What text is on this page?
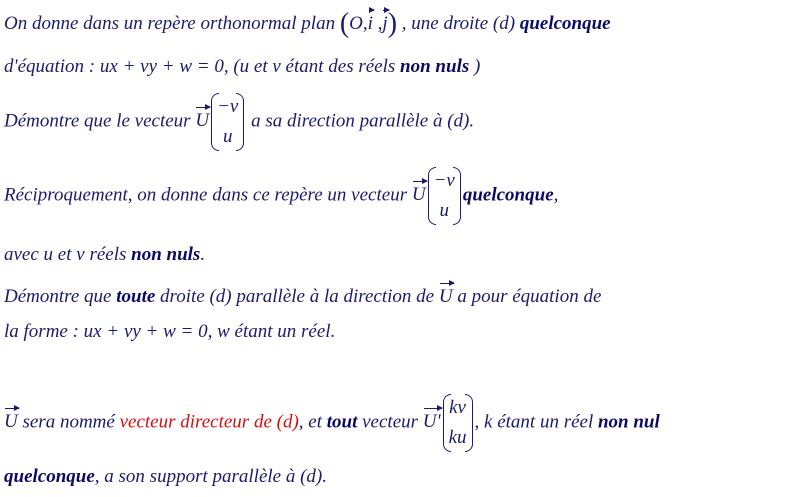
On donne dans un repère orthonormal plan (O,i ,j) , une droite (d) quelconque
d'équation : ux + vy + w = 0, (u et v étant des réels non nuls )
Démontre que le vecteur U
−v
u
a sa direction parallèle à (d).
Réciproquement, on donne dans ce repère un vecteur U
−v
u
quelconque,
avec u et v réels non nuls.
Démontre que toute droite (d) parallèle à la direction de U a pour équation de
la forme : ux + vy + w = 0, w étant un réel.
U sera nommé vecteur directeur de (d), et tout vecteur U'
kv
ku
, k étant un réel non nul
quelconque, a son support parallèle à (d).
